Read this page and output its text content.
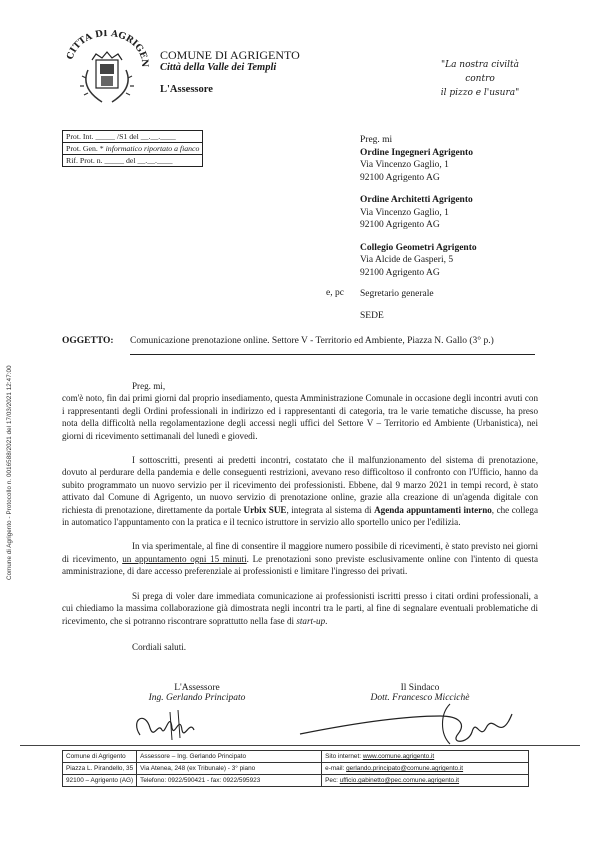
Comune di Agrigento - Protocollo n. 0016588/2021 del 17/03/2021 12:47:00
CITTA DI AGRIGEN
COMUNE DI AGRIGENTO
Città della Valle dei Templi
L'Assessore
"La nostra civiltà
contro
il pizzo e l'usura"
Prot. Int. _____ /S1 del __.__.____
Prot. Gen. * informatico riportato a fianco
Rif. Prot. n. _____ del __.__.____
Preg. mi
Ordine Ingegneri Agrigento
Via Vincenzo Gaglio, 1
92100 Agrigento AG
Ordine Architetti Agrigento
Via Vincenzo Gaglio, 1
92100 Agrigento AG
Collegio Geometri Agrigento
Via Alcide de Gasperi, 5
92100 Agrigento AG
e, pc Segretario generale
SEDE
OGGETTO: Comunicazione prenotazione online. Settore V - Territorio ed Ambiente, Piazza N. Gallo (3° p.)

Preg. mi,

com'è noto, fin dai primi giorni dal proprio insediamento, questa Amministrazione Comunale in occasione degli incontri avuti con i rappresentanti degli Ordini professionali in indirizzo ed i rappresentanti di categoria, tra le varie tematiche discusse, ha preso nota della difficoltà nella regolamentazione degli accessi negli uffici del Settore V – Territorio ed Ambiente (Urbanistica), nei giorni di ricevimento settimanali del lunedì e giovedì.

I sottoscritti, presenti ai predetti incontri, costatato che il malfunzionamento del sistema di prenotazione, dovuto al perdurare della pandemia e delle conseguenti restrizioni, avevano reso difficoltoso il confronto con l'Ufficio, hanno da subito programmato un nuovo servizio per il ricevimento dei professionisti. Ebbene, dal 9 marzo 2021 in tempi record, è stato attivato dal Comune di Agrigento, un nuovo servizio di prenotazione online, grazie alla creazione di un'agenda digitale con richiesta di prenotazione, direttamente da portale Urbix SUE, integrata al sistema di Agenda appuntamenti interno, che collega in automatico l'appuntamento con la pratica e il tecnico istruttore in servizio allo sportello unico per l'edilizia.

In via sperimentale, al fine di consentire il maggiore numero possibile di ricevimenti, è stato previsto nei giorni di ricevimento, un appuntamento ogni 15 minuti. Le prenotazioni sono previste esclusivamente online con l'intento di questa amministrazione, di dare accesso preferenziale ai professionisti e limitare l'ingresso dei privati.

Si prega di voler dare immediata comunicazione ai professionisti iscritti presso i citati ordini professionali, a cui chiediamo la massima collaborazione già dimostrata negli incontri tra le parti, al fine di segnalare eventuali problematiche di ricevimento, che si potranno riscontrare soprattutto nella fase di start-up.

Cordiali saluti.

L'Assessore
Ing. Gerlando Principato
Il Sindaco
Dott. Francesco Miccichè
Comune di Agrigento	Assessore – Ing. Gerlando Principato	Sito internet: www.comune.agrigento.it
Piazza L. Pirandello, 35	Via Atenea, 248 (ex Tribunale) - 3° piano	e-mail: gerlando.principato@comune.agrigento.it
92100 – Agrigento (AG)	Telefono: 0922/590421 - fax: 0922/595923	Pec: ufficio.gabinetto@pec.comune.agrigento.it
